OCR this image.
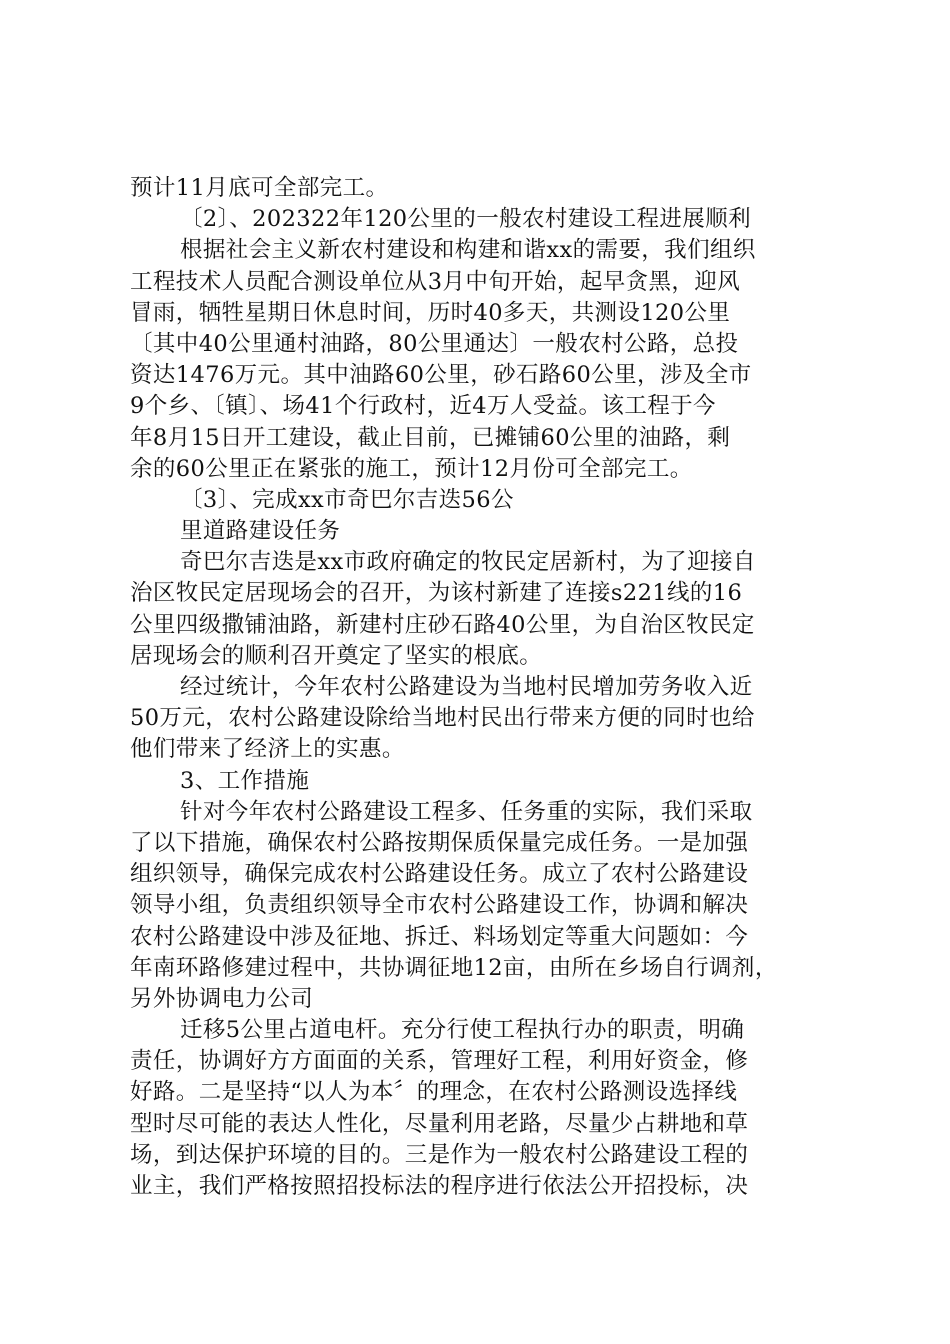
预计11月底可全部完工。
〔2〕、202322年120公里的一般农村建设工程进展顺利
根据社会主义新农村建设和构建和谐xx的需要，我们组织
工程技术人员配合测设单位从3月中旬开始，起早贪黑，迎风
冒雨，牺牲星期日休息时间，历时40多天，共测设120公里
〔其中40公里通村油路，80公里通达〕一般农村公路，总投
资达1476万元。其中油路60公里，砂石路60公里，涉及全市
9个乡、〔镇〕、场41个行政村，近4万人受益。该工程于今
年8月15日开工建设，截止目前，已摊铺60公里的油路，剩
余的60公里正在紧张的施工，预计12月份可全部完工。
〔3〕、完成xx市奇巴尔吉迭56公
里道路建设任务
奇巴尔吉迭是xx市政府确定的牧民定居新村，为了迎接自
治区牧民定居现场会的召开，为该村新建了连接s221线的16
公里四级撒铺油路，新建村庄砂石路40公里，为自治区牧民定
居现场会的顺利召开奠定了坚实的根底。
经过统计，今年农村公路建设为当地村民增加劳务收入近
50万元，农村公路建设除给当地村民出行带来方便的同时也给
他们带来了经济上的实惠。
3、工作措施
针对今年农村公路建设工程多、任务重的实际，我们采取
了以下措施，确保农村公路按期保质保量完成任务。一是加强
组织领导，确保完成农村公路建设任务。成立了农村公路建设
领导小组，负责组织领导全市农村公路建设工作，协调和解决
农村公路建设中涉及征地、拆迁、料场划定等重大问题如：今
年南环路修建过程中，共协调征地12亩，由所在乡场自行调剂，
另外协调电力公司
迁移5公里占道电杆。充分行使工程执行办的职责，明确
责任，协调好方方面面的关系，管理好工程，利用好资金，修
好路。二是坚持“以人为本〞的理念，在农村公路测设选择线
型时尽可能的表达人性化，尽量利用老路，尽量少占耕地和草
场，到达保护环境的目的。三是作为一般农村公路建设工程的
业主，我们严格按照招投标法的程序进行依法公开招投标，决
